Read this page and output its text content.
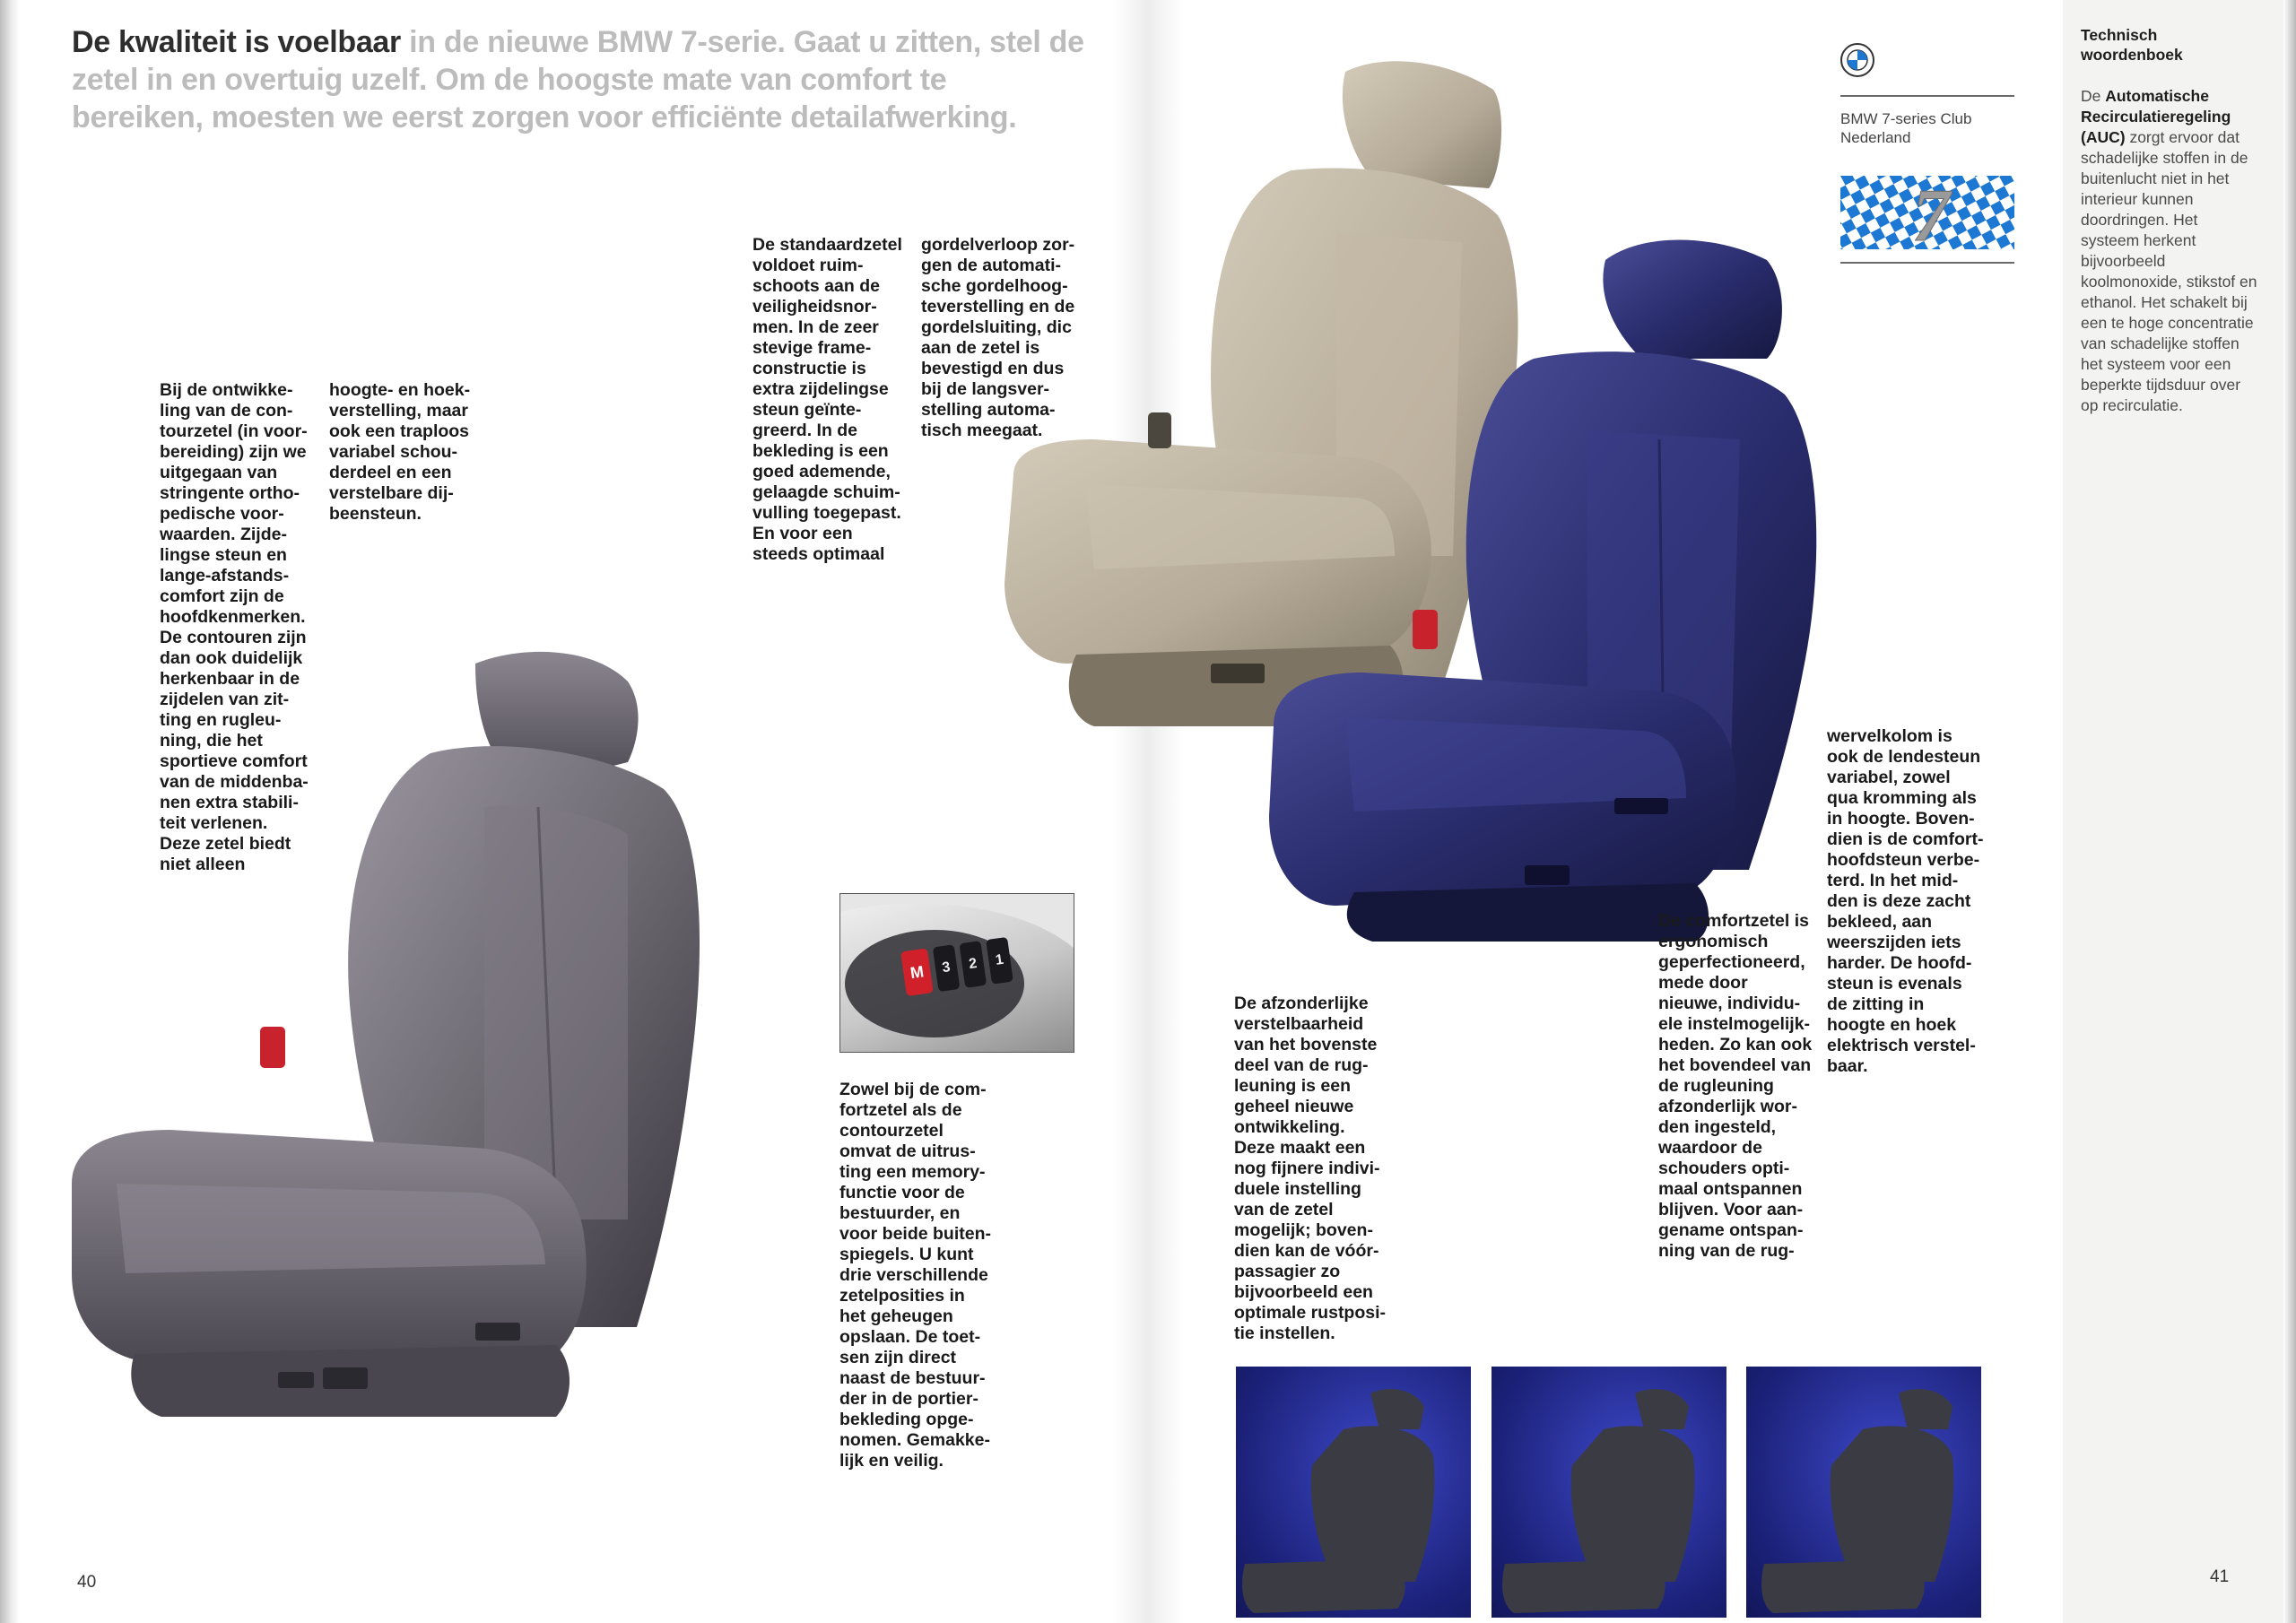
De kwaliteit is voelbaar in de nieuwe BMW 7-serie. Gaat u zitten, stel de zetel in en overtuig uzelf. Om de hoogste mate van comfort te bereiken, moesten we eerst zorgen voor efficiënte detailafwerking.
M	3	2	1

Bij de ontwikke-
ling van de con-
tourzetel (in voor-
bereiding) zijn we
uitgegaan van
stringente ortho-
pedische voor-
waarden. Zijde-
lingse steun en
lange-afstands-
comfort zijn de
hoofdkenmerken.
De contouren zijn
dan ook duidelijk
herkenbaar in de
zijdelen van zit-
ting en rugleu-
ning, die het
sportieve comfort
van de middenba-
nen extra stabili-
teit verlenen.
Deze zetel biedt
niet alleen

hoogte- en hoek-
verstelling, maar
ook een traploos
variabel schou-
derdeel en een
verstelbare dij-
beensteun.

De standaardzetel
voldoet ruim-
schoots aan de
veiligheidsnor-
men. In de zeer
stevige frame-
constructie is
extra zijdelingse
steun geïnte-
greerd. In de
bekleding is een
goed ademende,
gelaagde schuim-
vulling toegepast.
En voor een
steeds optimaal

gordelverloop zor-
gen de automati-
sche gordelhoog-
teverstelling en de
gordelsluiting, dic
aan de zetel is
bevestigd en dus
bij de langsver-
stelling automa-
tisch meegaat.

Zowel bij de com-
fortzetel als de
contourzetel
omvat de uitrus-
ting een memory-
functie voor de
bestuurder, en
voor beide buiten-
spiegels. U kunt
drie verschillende
zetelposities in
het geheugen
opslaan. De toet-
sen zijn direct
naast de bestuur-
der in de portier-
bekleding opge-
nomen. Gemakke-
lijk en veilig.

De afzonderlijke
verstelbaarheid
van het bovenste
deel van de rug-
leuning is een
geheel nieuwe
ontwikkeling.
Deze maakt een
nog fijnere indivi-
duele instelling
van de zetel
mogelijk; boven-
dien kan de vóór-
passagier zo
bijvoorbeeld een
optimale rustposi-
tie instellen.

De comfortzetel is
ergonomisch
geperfectioneerd,
mede door
nieuwe, individu-
ele instelmogelijk-
heden. Zo kan ook
het bovendeel van
de rugleuning
afzonderlijk wor-
den ingesteld,
waardoor de
schouders opti-
maal ontspannen
blijven. Voor aan-
gename ontspan-
ning van de rug-

wervelkolom is
ook de lendesteun
variabel, zowel
qua kromming als
in hoogte. Boven-
dien is de comfort-
hoofdsteun verbe-
terd. In het mid-
den is deze zacht
bekleed, aan
weerszijden iets
harder. De hoofd-
steun is evenals
de zitting in
hoogte en hoek
elektrisch verstel-
baar.

BMW 7-series Club
Nederland
7
Technisch
woordenboek

De Automatische Recirculatieregeling (AUC) zorgt ervoor dat schadelijke stoffen in de buitenlucht niet in het interieur kunnen doordringen. Het systeem herkent bijvoorbeeld koolmonoxide, stikstof en ethanol. Het schakelt bij een te hoge concentratie van schadelijke stoffen het systeem voor een beperkte tijdsduur over op recirculatie.

40	41
